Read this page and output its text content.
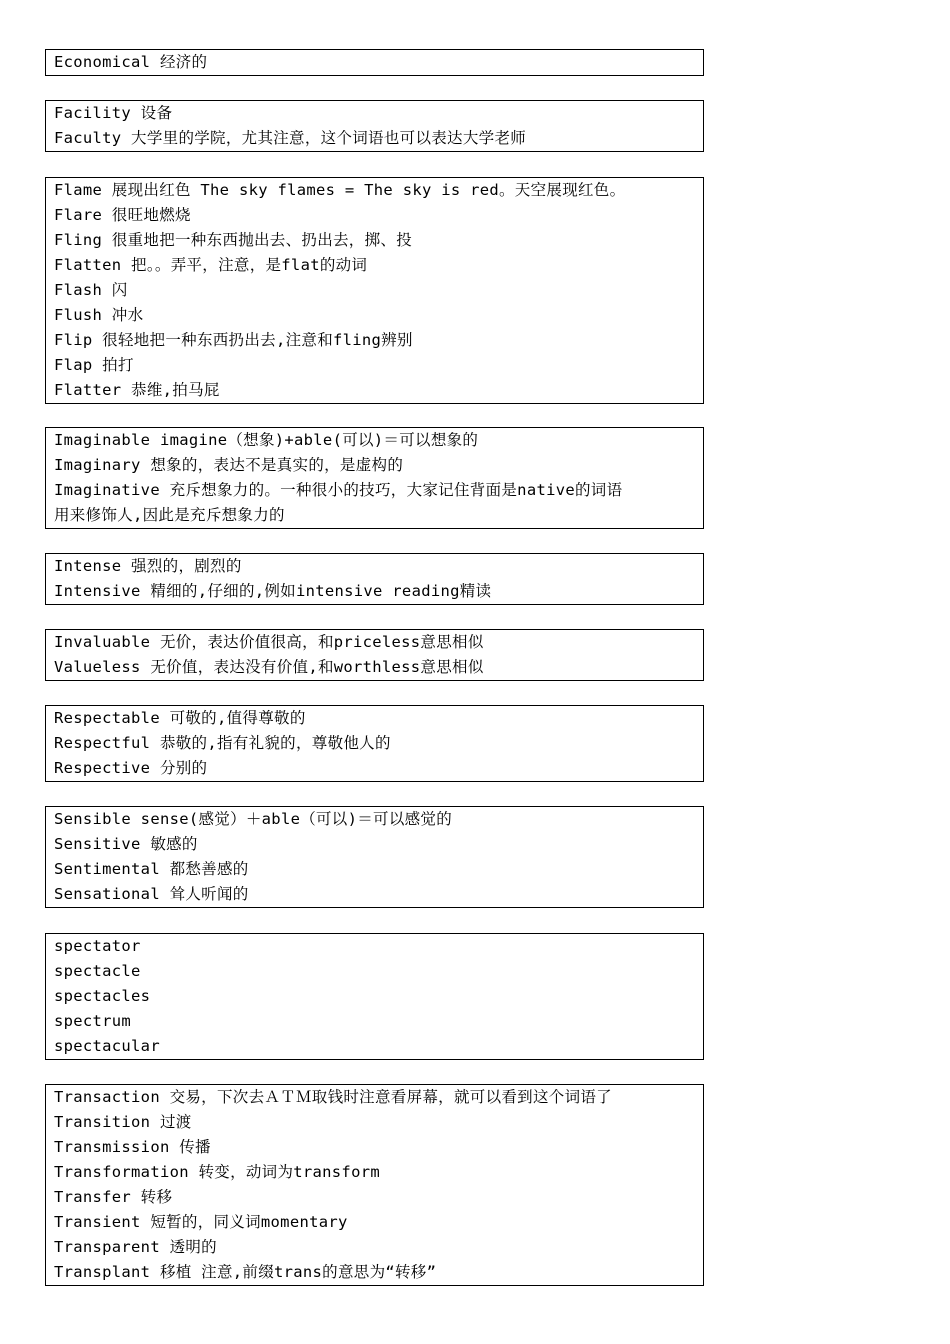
Economical 经济的
Facility 设备
Faculty 大学里的学院，尤其注意，这个词语也可以表达大学老师
Flame 展现出红色 The sky flames = The sky is red。天空展现红色。
Flare 很旺地燃烧
Fling 很重地把一种东西抛出去、扔出去，掷、投
Flatten 把。。弄平，注意，是flat的动词
Flash 闪
Flush 冲水
Flip 很轻地把一种东西扔出去,注意和fling辨别
Flap 拍打
Flatter 恭维,拍马屁
Imaginable imagine（想象)+able(可以)＝可以想象的
Imaginary 想象的，表达不是真实的，是虚构的
Imaginative 充斥想象力的。一种很小的技巧，大家记住背面是native的词语
用来修饰人,因此是充斥想象力的
Intense 强烈的，剧烈的
Intensive 精细的,仔细的,例如intensive reading精读
Invaluable 无价，表达价值很高，和priceless意思相似
Valueless 无价值，表达没有价值,和worthless意思相似
Respectable 可敬的,值得尊敬的
Respectful 恭敬的,指有礼貌的，尊敬他人的
Respective 分别的
Sensible sense(感觉）＋able（可以)＝可以感觉的
Sensitive 敏感的
Sentimental 都愁善感的
Sensational 耸人听闻的
spectator
spectacle
spectacles
spectrum
spectacular
Transaction 交易，下次去ＡＴＭ取钱时注意看屏幕，就可以看到这个词语了
Transition 过渡
Transmission 传播
Transformation 转变，动词为transform
Transfer 转移
Transient 短暂的，同义词momentary
Transparent 透明的
Transplant 移植 注意,前缀trans的意思为“转移”
